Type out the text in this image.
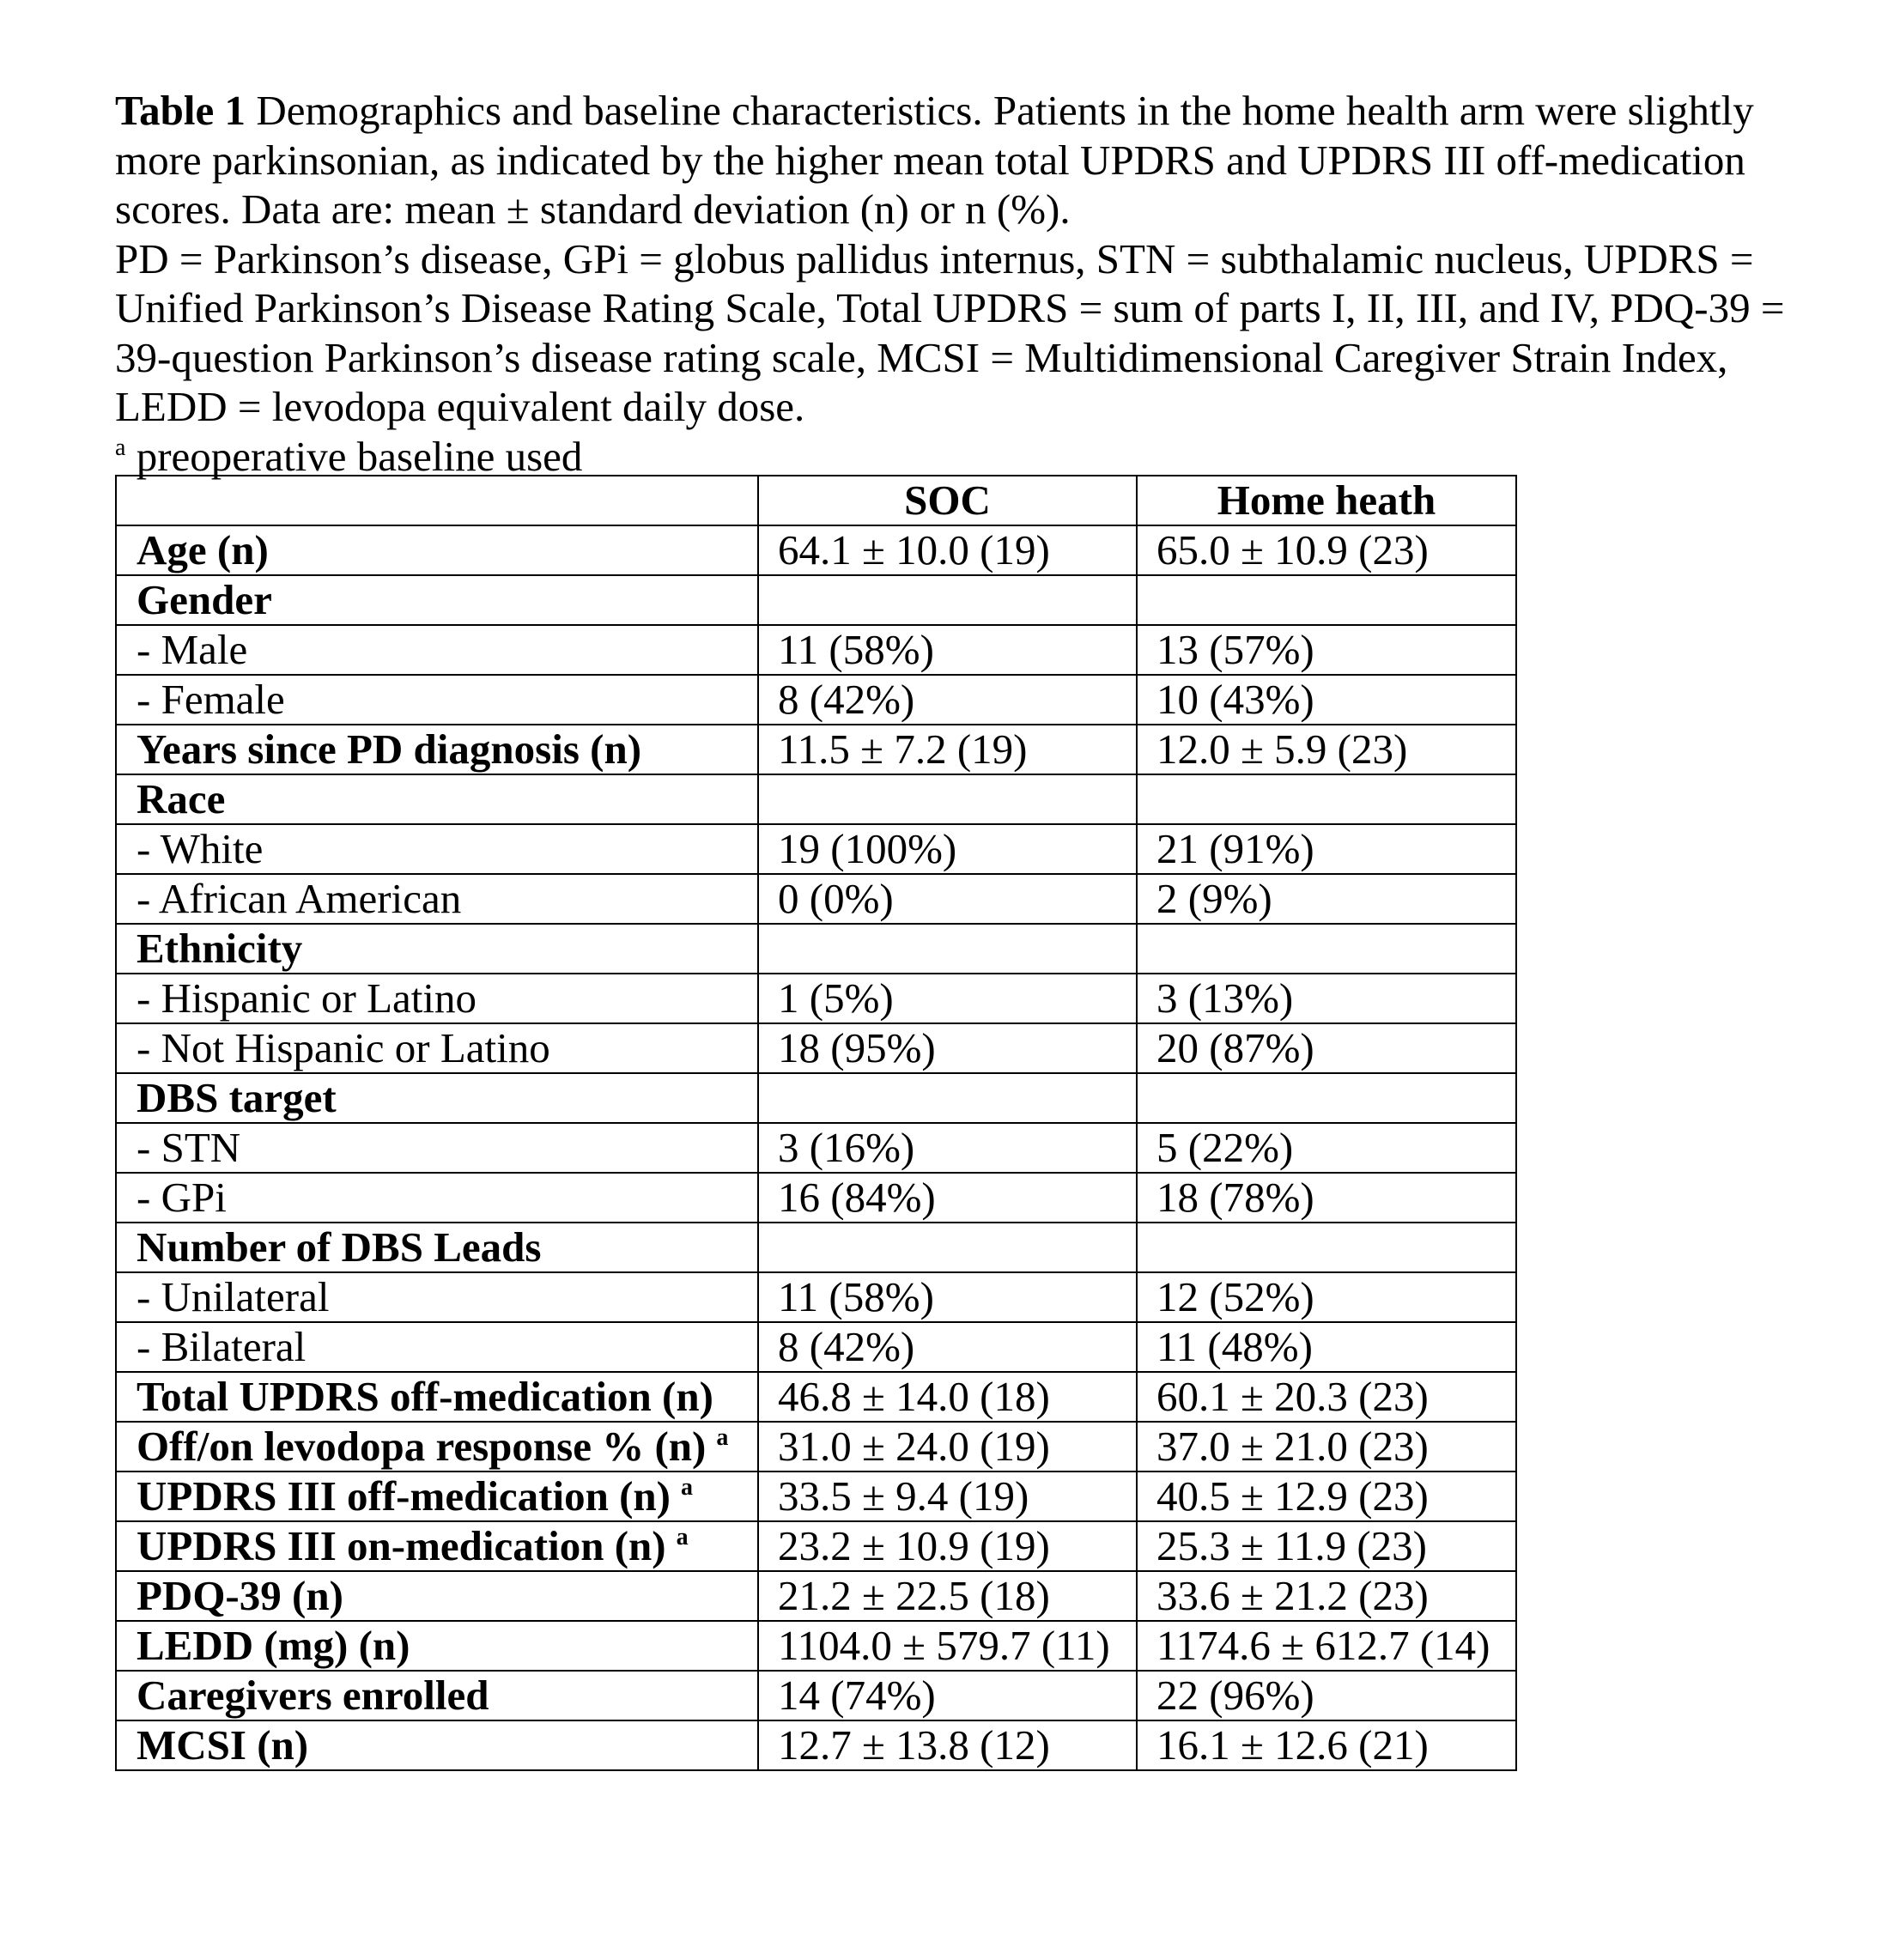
Table 1 Demographics and baseline characteristics. Patients in the home health arm were slightly more parkinsonian, as indicated by the higher mean total UPDRS and UPDRS III off-medication scores. Data are: mean ± standard deviation (n) or n (%).

PD = Parkinson’s disease, GPi = globus pallidus internus, STN = subthalamic nucleus, UPDRS = Unified Parkinson’s Disease Rating Scale, Total UPDRS = sum of parts I, II, III, and IV, PDQ-39 = 39-question Parkinson’s disease rating scale, MCSI = Multidimensional Caregiver Strain Index, LEDD = levodopa equivalent daily dose.

$^a$ preoperative baseline used

	SOC	Home heath
Age (n)	64.1 ± 10.0 (19)	65.0 ± 10.9 (23)
Gender		
- Male	11 (58%)	13 (57%)
- Female	8 (42%)	10 (43%)
Years since PD diagnosis (n)	11.5 ± 7.2 (19)	12.0 ± 5.9 (23)
Race		
- White	19 (100%)	21 (91%)
- African American	0 (0%)	2 (9%)
Ethnicity		
- Hispanic or Latino	1 (5%)	3 (13%)
- Not Hispanic or Latino	18 (95%)	20 (87%)
DBS target		
- STN	3 (16%)	5 (22%)
- GPi	16 (84%)	18 (78%)
Number of DBS Leads		
- Unilateral	11 (58%)	12 (52%)
- Bilateral	8 (42%)	11 (48%)
Total UPDRS off-medication (n)	46.8 ± 14.0 (18)	60.1 ± 20.3 (23)
Off/on levodopa response % (n) $^a$	31.0 ± 24.0 (19)	37.0 ± 21.0 (23)
UPDRS III off-medication (n) $^a$	33.5 ± 9.4 (19)	40.5 ± 12.9 (23)
UPDRS III on-medication (n) $^a$	23.2 ± 10.9 (19)	25.3 ± 11.9 (23)
PDQ-39 (n)	21.2 ± 22.5 (18)	33.6 ± 21.2 (23)
LEDD (mg) (n)	1104.0 ± 579.7 (11)	1174.6 ± 612.7 (14)
Caregivers enrolled	14 (74%)	22 (96%)
MCSI (n)	12.7 ± 13.8 (12)	16.1 ± 12.6 (21)
